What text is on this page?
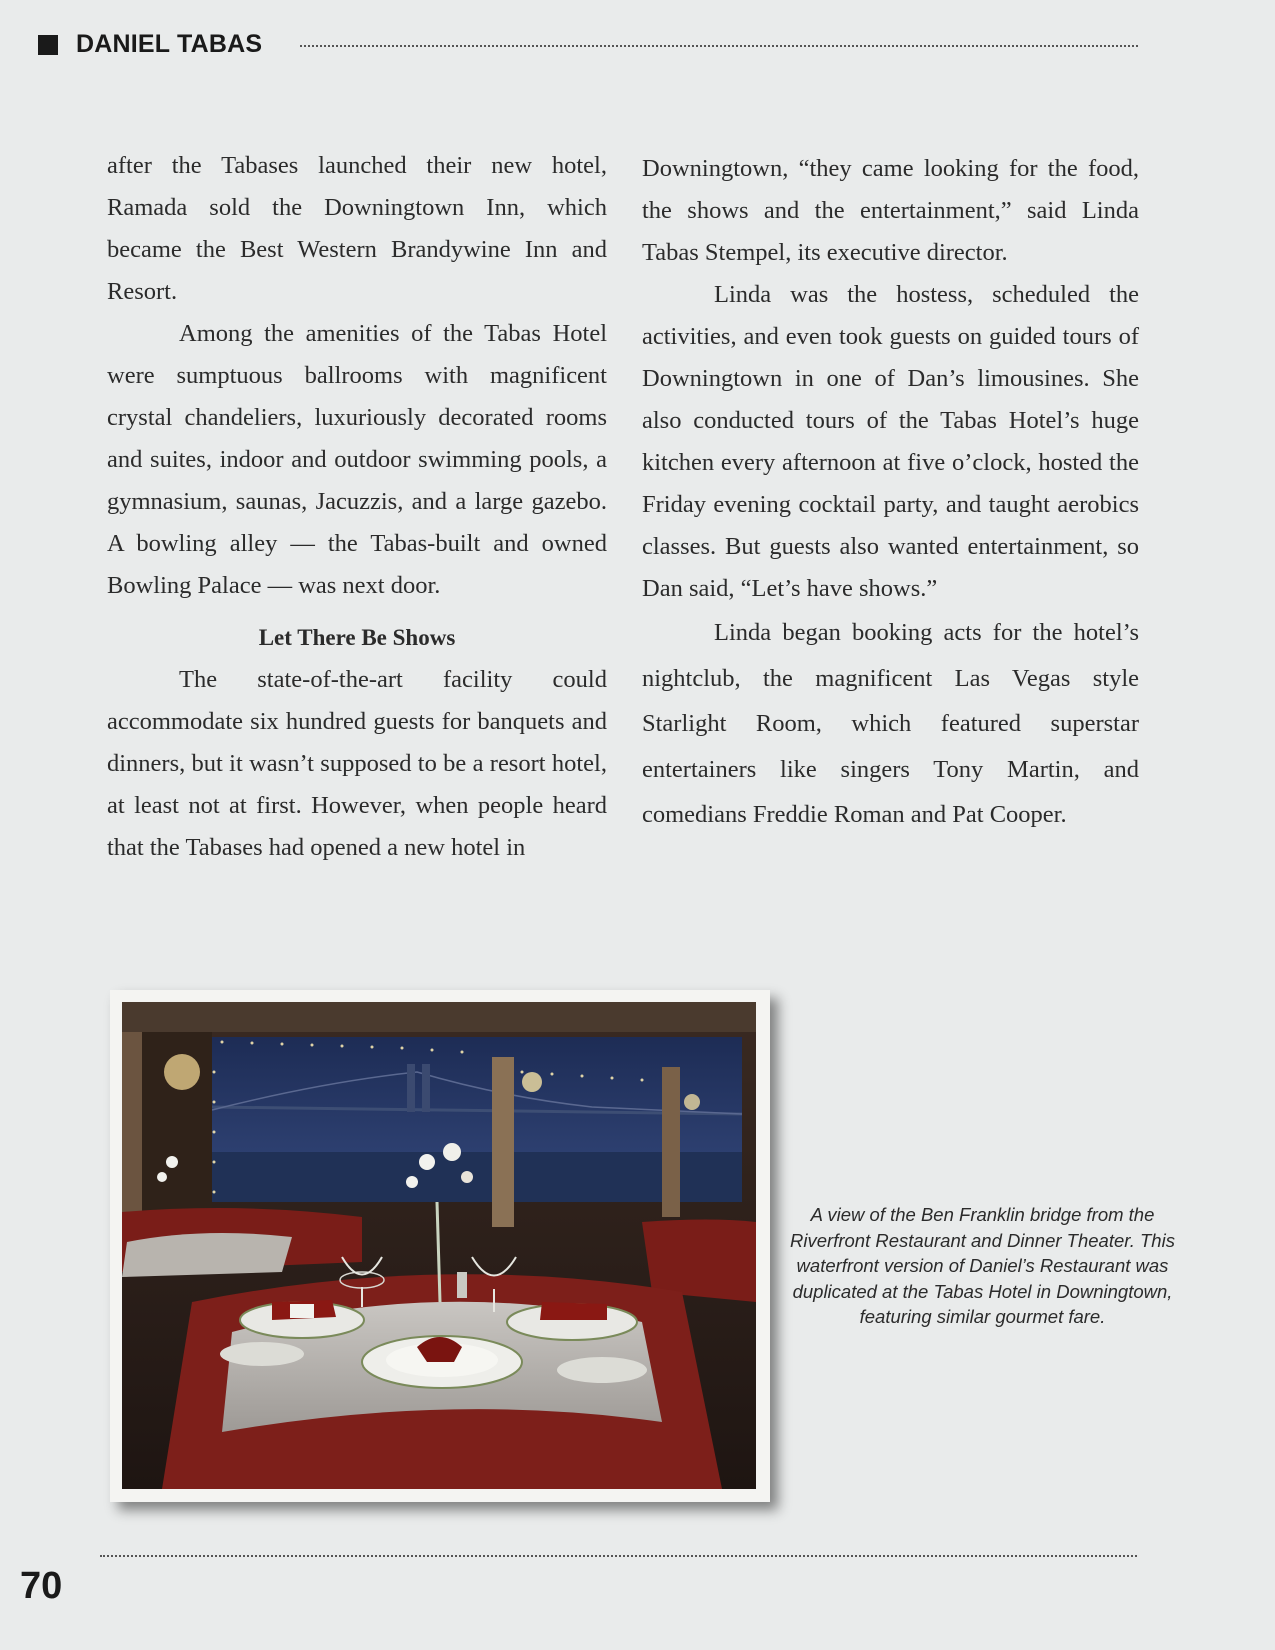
DANIEL TABAS

after the Tabases launched their new hotel, Ramada sold the Downingtown Inn, which became the Best Western Brandywine Inn and Resort.

Among the amenities of the Tabas Hotel were sumptuous ballrooms with magnificent crystal chandeliers, luxuriously decorated rooms and suites, indoor and outdoor swimming pools, a gymnasium, saunas, Jacuzzis, and a large gazebo. A bowling alley — the Tabas-built and owned Bowling Palace — was next door.

Let There Be Shows

The state-of-the-art facility could accommodate six hundred guests for banquets and dinners, but it wasn’t supposed to be a resort hotel, at least not at first. However, when people heard that the Tabases had opened a new hotel in

Downingtown, “they came looking for the food, the shows and the entertainment,” said Linda Tabas Stempel, its executive director.

Linda was the hostess, scheduled the activities, and even took guests on guided tours of Downingtown in one of Dan’s limousines. She also conducted tours of the Tabas Hotel’s huge kitchen every afternoon at five o’clock, hosted the Friday evening cocktail party, and taught aerobics classes. But guests also wanted entertainment, so Dan said, “Let’s have shows.”

Linda began booking acts for the hotel’s nightclub, the magnificent Las Vegas style Starlight Room, which featured superstar entertainers like singers Tony Martin, and comedians Freddie Roman and Pat Cooper.

A view of the Ben Franklin bridge from the Riverfront Restaurant and Dinner Theater. This waterfront version of Daniel’s Restaurant was duplicated at the Tabas Hotel in Downingtown, featuring similar gourmet fare.
70
